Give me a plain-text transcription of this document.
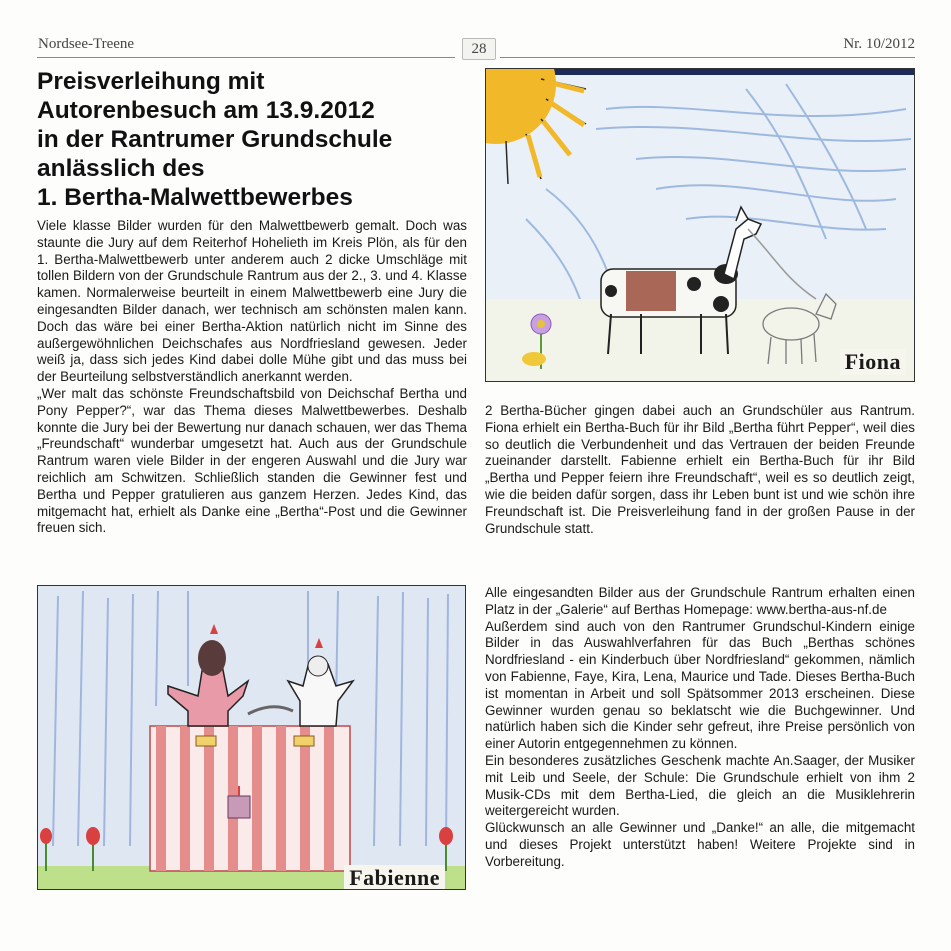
Nordsee-Treene	28	Nr. 10/2012
Preisverleihung mit
Autorenbesuch am 13.9.2012
in der Rantrumer Grundschule
anlässlich des
1. Bertha-Malwettbewerbes

Viele klasse Bilder wurden für den Malwettbewerb gemalt. Doch was staunte die Jury auf dem Reiterhof Hohelieth im Kreis Plön, als für den 1. Bertha-Malwettbewerb unter anderem auch 2 dicke Umschläge mit tollen Bildern von der Grundschule Rantrum aus der 2., 3. und 4. Klasse kamen. Normalerweise beurteilt in einem Malwettbewerb eine Jury die eingesandten Bilder danach, wer technisch am schönsten malen kann. Doch das wäre bei einer Bertha-Aktion natürlich nicht im Sinne des außergewöhnlichen Deichschafes aus Nordfriesland gewesen. Jeder weiß ja, dass sich jedes Kind dabei dolle Mühe gibt und das muss bei der Beurteilung selbstverständlich anerkannt werden.

„Wer malt das schönste Freundschaftsbild von Deichschaf Bertha und Pony Pepper?“, war das Thema dieses Malwettbewerbes. Deshalb konnte die Jury bei der Bewertung nur danach schauen, wer das Thema „Freundschaft“ wunderbar umgesetzt hat. Auch aus der Grundschule Rantrum waren viele Bilder in der engeren Auswahl und die Jury war reichlich am Schwitzen. Schließlich standen die Gewinner fest und Bertha und Pepper gratulieren aus ganzem Herzen. Jedes Kind, das mitgemacht hat, erhielt als Danke eine „Bertha“-Post und die Gewinner freuen sich.

Fiona

2 Bertha-Bücher gingen dabei auch an Grundschüler aus Rantrum. Fiona erhielt ein Bertha-Buch für ihr Bild „Bertha führt Pepper“, weil dies so deutlich die Verbundenheit und das Vertrauen der beiden Freunde zueinander darstellt. Fabienne erhielt ein Bertha-Buch für ihr Bild „Bertha und Pepper feiern ihre Freundschaft“, weil es so deutlich zeigt, wie die beiden dafür sorgen, dass ihr Leben bunt ist und wie schön ihre Freundschaft ist. Die Preisverleihung fand in der großen Pause in der Grundschule statt.

Fabienne

Alle eingesandten Bilder aus der Grundschule Rantrum erhalten einen Platz in der „Galerie“ auf Berthas Homepage: www.bertha-aus-nf.de

Außerdem sind auch von den Rantrumer Grundschul-Kindern einige Bilder in das Auswahlverfahren für das Buch „Berthas schönes Nordfriesland - ein Kinderbuch über Nordfriesland“ gekommen, nämlich von Fabienne, Faye, Kira, Lena, Maurice und Tade. Dieses Bertha-Buch ist momentan in Arbeit und soll Spätsommer 2013 erscheinen. Diese Gewinner wurden genau so beklatscht wie die Buchgewinner. Und natürlich haben sich die Kinder sehr gefreut, ihre Preise persönlich von einer Autorin entgegennehmen zu können.

Ein besonderes zusätzliches Geschenk machte An.Saager, der Musiker mit Leib und Seele, der Schule: Die Grundschule erhielt von ihm 2 Musik-CDs mit dem Bertha-Lied, die gleich an die Musiklehrerin weitergereicht wurden.

Glückwunsch an alle Gewinner und „Danke!“ an alle, die mitgemacht und dieses Projekt unterstützt haben! Weitere Projekte sind in Vorbereitung.
